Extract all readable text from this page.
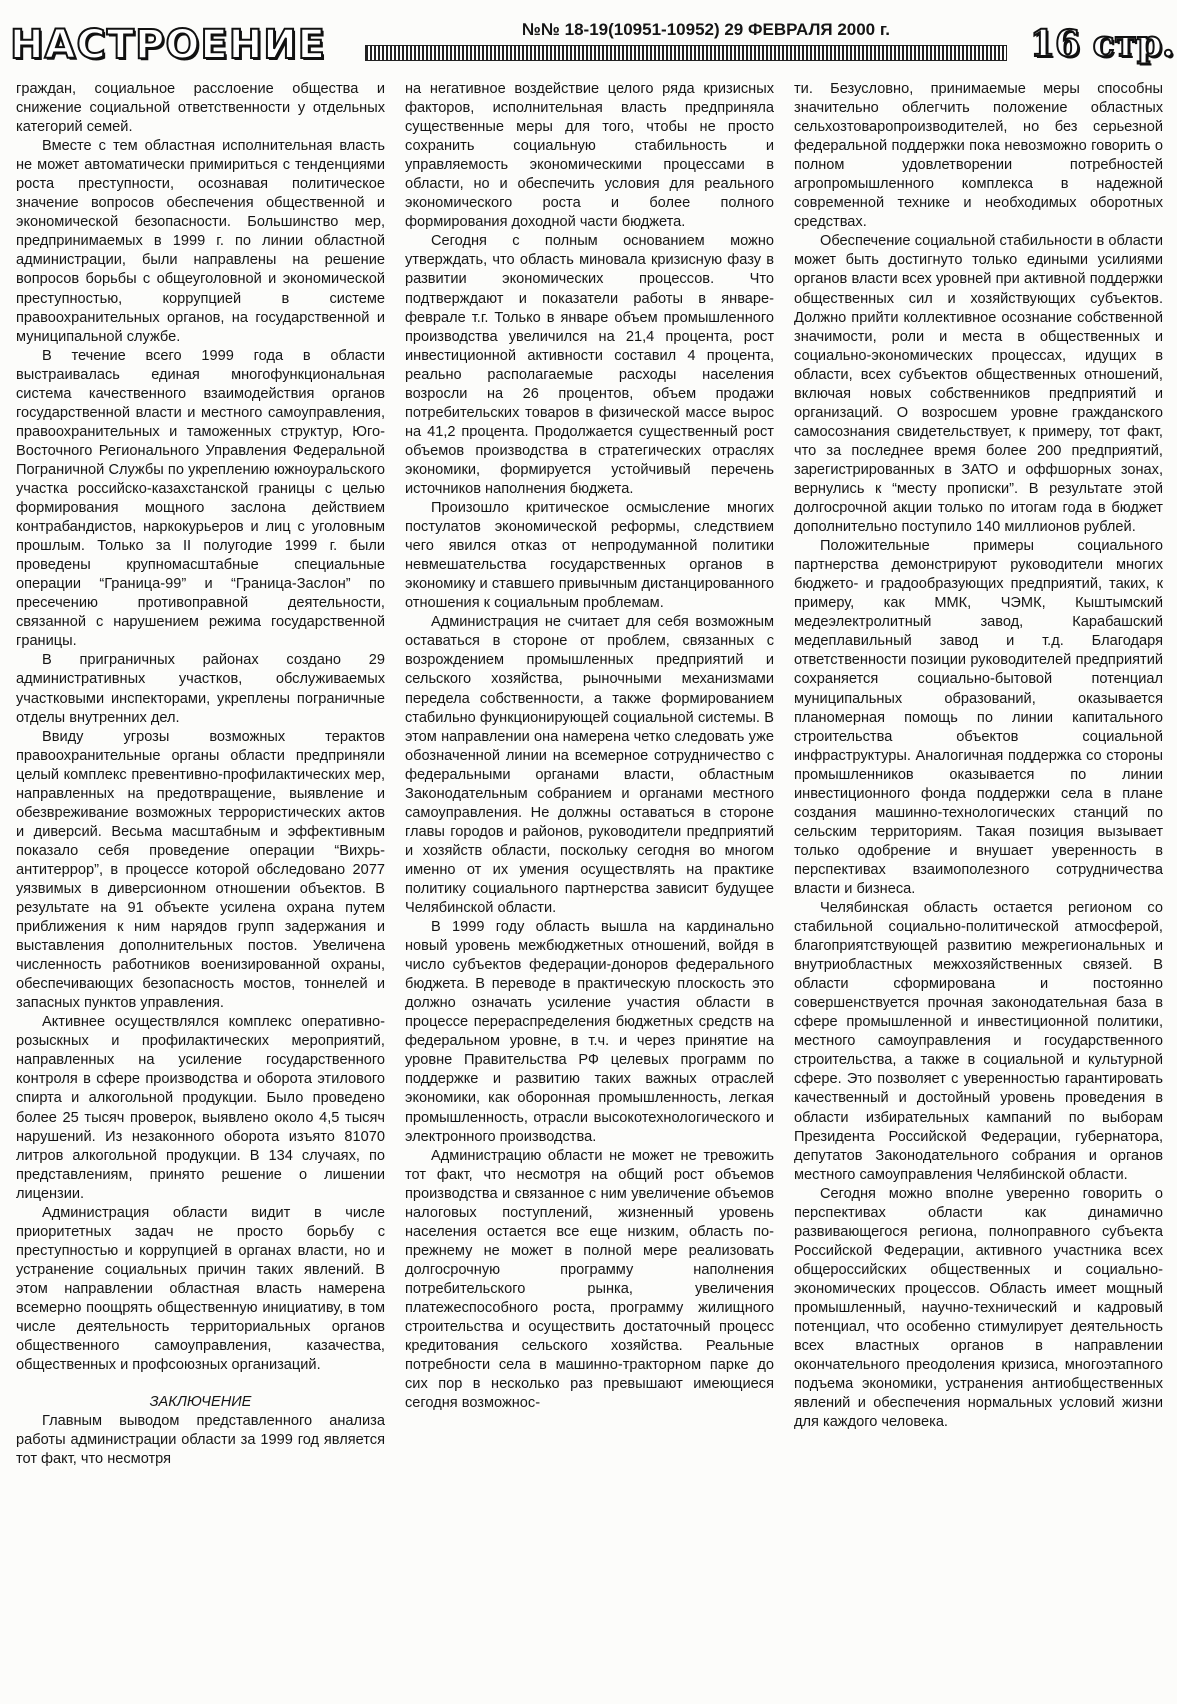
НАСТРОЕНИЕ	№№ 18-19(10951-10952) 29 ФЕВРАЛЯ 2000 г.	16 стр.

граждан, социальное расслоение общества и снижение социальной ответственности у отдельных категорий семей.

Вместе с тем областная исполнительная власть не может автоматически примириться с тенденциями роста преступности, осознавая политическое значение вопросов обеспечения общественной и экономической безопасности. Большинство мер, предпринимаемых в 1999 г. по линии областной администрации, были направлены на решение вопросов борьбы с общеуголовной и экономической преступностью, коррупцией в системе правоохранительных органов, на государственной и муниципальной службе.

В течение всего 1999 года в области выстраивалась единая многофункциональная система качественного взаимодействия органов государственной власти и местного самоуправления, правоохранительных и таможенных структур, Юго-Восточного Регионального Управления Федеральной Пограничной Службы по укреплению южноуральского участка российско-казахстанской границы с целью формирования мощного заслона действием контрабандистов, наркокурьеров и лиц с уголовным прошлым. Только за II полугодие 1999 г. были проведены крупномасштабные специальные операции “Граница-99” и “Граница-Заслон” по пресечению противоправной деятельности, связанной с нарушением режима государственной границы.

В приграничных районах создано 29 административных участков, обслуживаемых участковыми инспекторами, укреплены пограничные отделы внутренних дел.

Ввиду угрозы возможных терактов правоохранительные органы области предприняли целый комплекс превентивно-профилактических мер, направленных на предотвращение, выявление и обезвреживание возможных террористических актов и диверсий. Весьма масштабным и эффективным показало себя проведение операции “Вихрь-антитеррор”, в процессе которой обследовано 2077 уязвимых в диверсионном отношении объектов. В результате на 91 объекте усилена охрана путем приближения к ним нарядов групп задержания и выставления дополнительных постов. Увеличена численность работников военизированной охраны, обеспечивающих безопасность мостов, тоннелей и запасных пунктов управления.

Активнее осуществлялся комплекс оперативно-розыскных и профилактических мероприятий, направленных на усиление государственного контроля в сфере производства и оборота этилового спирта и алкогольной продукции. Было проведено более 25 тысяч проверок, выявлено около 4,5 тысяч нарушений. Из незаконного оборота изъято 81070 литров алкогольной продукции. В 134 случаях, по представлениям, принято решение о лишении лицензии.

Администрация области видит в числе приоритетных задач не просто борьбу с преступностью и коррупцией в органах власти, но и устранение социальных причин таких явлений. В этом направлении областная власть намерена всемерно поощрять общественную инициативу, в том числе деятельность территориальных органов общественного самоуправления, казачества, общественных и профсоюзных организаций.

ЗАКЛЮЧЕНИЕ

Главным выводом представленного анализа работы администрации области за 1999 год является тот факт, что несмотря

на негативное воздействие целого ряда кризисных факторов, исполнительная власть предприняла существенные меры для того, чтобы не просто сохранить социальную стабильность и управляемость экономическими процессами в области, но и обеспечить условия для реального экономического роста и более полного формирования доходной части бюджета.

Сегодня с полным основанием можно утверждать, что область миновала кризисную фазу в развитии экономических процессов. Что подтверждают и показатели работы в январе-феврале т.г. Только в январе объем промышленного производства увеличился на 21,4 процента, рост инвестиционной активности составил 4 процента, реально располагаемые расходы населения возросли на 26 процентов, объем продажи потребительских товаров в физической массе вырос на 41,2 процента. Продолжается существенный рост объемов производства в стратегических отраслях экономики, формируется устойчивый перечень источников наполнения бюджета.

Произошло критическое осмысление многих постулатов экономической реформы, следствием чего явился отказ от непродуманной политики невмешательства государственных органов в экономику и ставшего привычным дистанцированного отношения к социальным проблемам.

Администрация не считает для себя возможным оставаться в стороне от проблем, связанных с возрождением промышленных предприятий и сельского хозяйства, рыночными механизмами передела собственности, а также формированием стабильно функционирующей социальной системы. В этом направлении она намерена четко следовать уже обозначенной линии на всемерное сотрудничество с федеральными органами власти, областным Законодательным собранием и органами местного самоуправления. Не должны оставаться в стороне главы городов и районов, руководители предприятий и хозяйств области, поскольку сегодня во многом именно от их умения осуществлять на практике политику социального партнерства зависит будущее Челябинской области.

В 1999 году область вышла на кардинально новый уровень межбюджетных отношений, войдя в число субъектов федерации-доноров федерального бюджета. В переводе в практическую плоскость это должно означать усиление участия области в процессе перераспределения бюджетных средств на федеральном уровне, в т.ч. и через принятие на уровне Правительства РФ целевых программ по поддержке и развитию таких важных отраслей экономики, как оборонная промышленность, легкая промышленность, отрасли высокотехнологического и электронного производства.

Администрацию области не может не тревожить тот факт, что несмотря на общий рост объемов производства и связанное с ним увеличение объемов налоговых поступлений, жизненный уровень населения остается все еще низким, область по-прежнему не может в полной мере реализовать долгосрочную программу наполнения потребительского рынка, увеличения платежеспособного роста, программу жилищного строительства и осуществить достаточный процесс кредитования сельского хозяйства. Реальные потребности села в машинно-тракторном парке до сих пор в несколько раз превышают имеющиеся сегодня возможнос-

ти. Безусловно, принимаемые меры способны значительно облегчить положение областных сельхозтоваропроизводителей, но без серьезной федеральной поддержки пока невозможно говорить о полном удовлетворении потребностей агропромышленного комплекса в надежной современной технике и необходимых оборотных средствах.

Обеспечение социальной стабильности в области может быть достигнуто только едиными усилиями органов власти всех уровней при активной поддержки общественных сил и хозяйствующих субъектов. Должно прийти коллективное осознание собственной значимости, роли и места в общественных и социально-экономических процессах, идущих в области, всех субъектов общественных отношений, включая новых собственников предприятий и организаций. О возросшем уровне гражданского самосознания свидетельствует, к примеру, тот факт, что за последнее время более 200 предприятий, зарегистрированных в ЗАТО и оффшорных зонах, вернулись к “месту прописки”. В результате этой долгосрочной акции только по итогам года в бюджет дополнительно поступило 140 миллионов рублей.

Положительные примеры социального партнерства демонстрируют руководители многих бюджето- и градообразующих предприятий, таких, к примеру, как ММК, ЧЭМК, Кыштымский медеэлектролитный завод, Карабашский медеплавильный завод и т.д. Благодаря ответственности позиции руководителей предприятий сохраняется социально-бытовой потенциал муниципальных образований, оказывается планомерная помощь по линии капитального строительства объектов социальной инфраструктуры. Аналогичная поддержка со стороны промышленников оказывается по линии инвестиционного фонда поддержки села в плане создания машинно-технологических станций по сельским территориям. Такая позиция вызывает только одобрение и внушает уверенность в перспективах взаимополезного сотрудничества власти и бизнеса.

Челябинская область остается регионом со стабильной социально-политической атмосферой, благоприятствующей развитию межрегиональных и внутриобластных межхозяйственных связей. В области сформирована и постоянно совершенствуется прочная законодательная база в сфере промышленной и инвестиционной политики, местного самоуправления и государственного строительства, а также в социальной и культурной сфере. Это позволяет с уверенностью гарантировать качественный и достойный уровень проведения в области избирательных кампаний по выборам Президента Российской Федерации, губернатора, депутатов Законодательного собрания и органов местного самоуправления Челябинской области.

Сегодня можно вполне уверенно говорить о перспективах области как динамично развивающегося региона, полноправного субъекта Российской Федерации, активного участника всех общероссийских общественных и социально-экономических процессов. Область имеет мощный промышленный, научно-технический и кадровый потенциал, что особенно стимулирует деятельность всех властных органов в направлении окончательного преодоления кризиса, многоэтапного подъема экономики, устранения антиобщественных явлений и обеспечения нормальных условий жизни для каждого человека.
